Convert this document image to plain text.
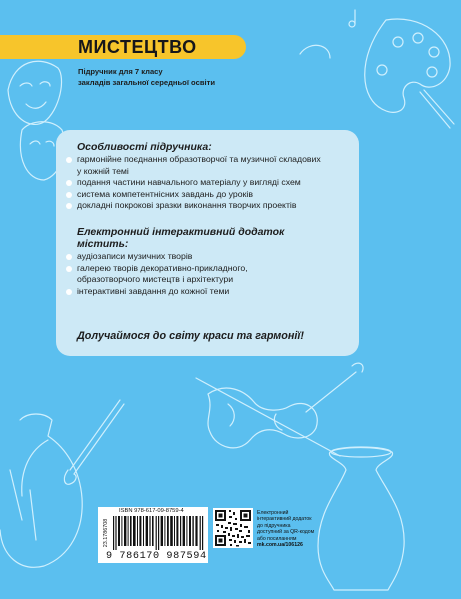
МИСТЕЦТВО
Підручник для 7 класу
закладів загальної середньої освіти
Особливості підручника:
гармонійне поєднання образотворчої та музичної складових
у кожній темі
подання частини навчального матеріалу у вигляді схем
система компетентнісних завдань до уроків
докладні покрокові зразки виконання творчих проектів
Електронний інтерактивний додаток
містить:
аудіозаписи музичних творів
галерею творів декоративно-прикладного,
образотворчого мистецтв і архітектури
інтерактивні завдання до кожної теми
Долучаймося до світу краси та гармонії!
ISBN 978-617-09-8759-4
23.1786708
9 786170 987594
Електронний
інтерактивний додаток
до підручника
доступний за QR-кодом
або посиланням
mk.com.ua/106126
